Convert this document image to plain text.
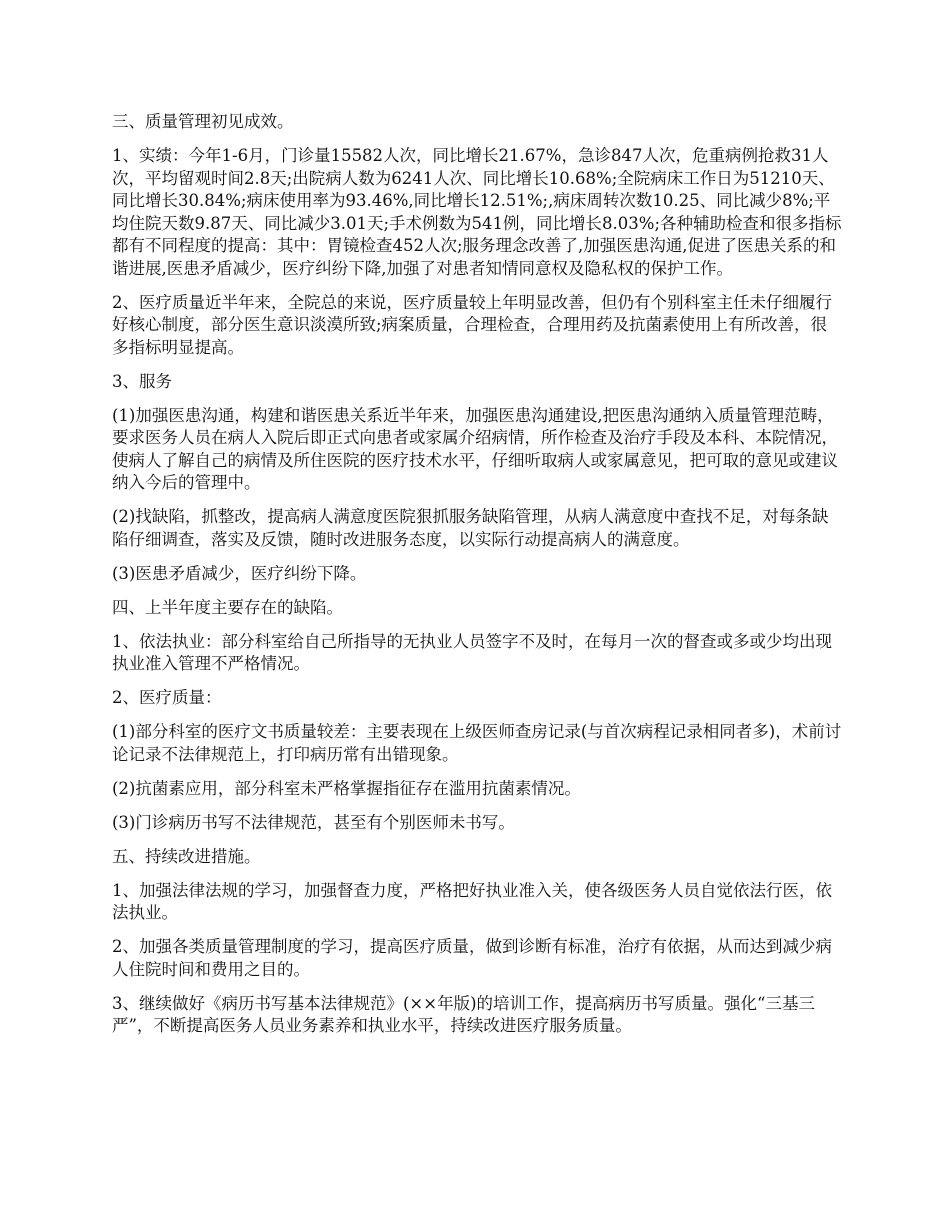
三、质量管理初见成效。

1、实绩：今年1-6月，门诊量15582人次，同比增长21.67%，急诊847人次，危重病例抢救31人次，平均留观时间2.8天;出院病人数为6241人次、同比增长10.68%;全院病床工作日为51210天、同比增长30.84%;病床使用率为93.46%,同比增长12.51%;,病床周转次数10.25、同比减少8%;平均住院天数9.87天、同比减少3.01天;手术例数为541例，同比增长8.03%;各种辅助检查和很多指标都有不同程度的提高：其中：胃镜检查452人次;服务理念改善了,加强医患沟通,促进了医患关系的和谐进展,医患矛盾减少，医疗纠纷下降,加强了对患者知情同意权及隐私权的保护工作。

2、医疗质量近半年来，全院总的来说，医疗质量较上年明显改善，但仍有个别科室主任未仔细履行好核心制度，部分医生意识淡漠所致;病案质量，合理检查，合理用药及抗菌素使用上有所改善，很多指标明显提高。

3、服务

(1)加强医患沟通，构建和谐医患关系近半年来，加强医患沟通建设,把医患沟通纳入质量管理范畴，要求医务人员在病人入院后即正式向患者或家属介绍病情，所作检查及治疗手段及本科、本院情况，使病人了解自己的病情及所住医院的医疗技术水平，仔细听取病人或家属意见，把可取的意见或建议纳入今后的管理中。

(2)找缺陷，抓整改，提高病人满意度医院狠抓服务缺陷管理，从病人满意度中查找不足，对每条缺陷仔细调查，落实及反馈，随时改进服务态度，以实际行动提高病人的满意度。

(3)医患矛盾减少，医疗纠纷下降。

四、上半年度主要存在的缺陷。

1、依法执业：部分科室给自己所指导的无执业人员签字不及时，在每月一次的督查或多或少均出现执业准入管理不严格情况。

2、医疗质量：

(1)部分科室的医疗文书质量较差：主要表现在上级医师查房记录(与首次病程记录相同者多)，术前讨论记录不法律规范上，打印病历常有出错现象。

(2)抗菌素应用，部分科室未严格掌握指征存在滥用抗菌素情况。

(3)门诊病历书写不法律规范，甚至有个别医师未书写。

五、持续改进措施。

1、加强法律法规的学习，加强督查力度，严格把好执业准入关，使各级医务人员自觉依法行医，依法执业。

2、加强各类质量管理制度的学习，提高医疗质量，做到诊断有标准，治疗有依据，从而达到减少病人住院时间和费用之目的。

3、继续做好《病历书写基本法律规范》(××年版)的培训工作，提高病历书写质量。强化“三基三严”，不断提高医务人员业务素养和执业水平，持续改进医疗服务质量。
